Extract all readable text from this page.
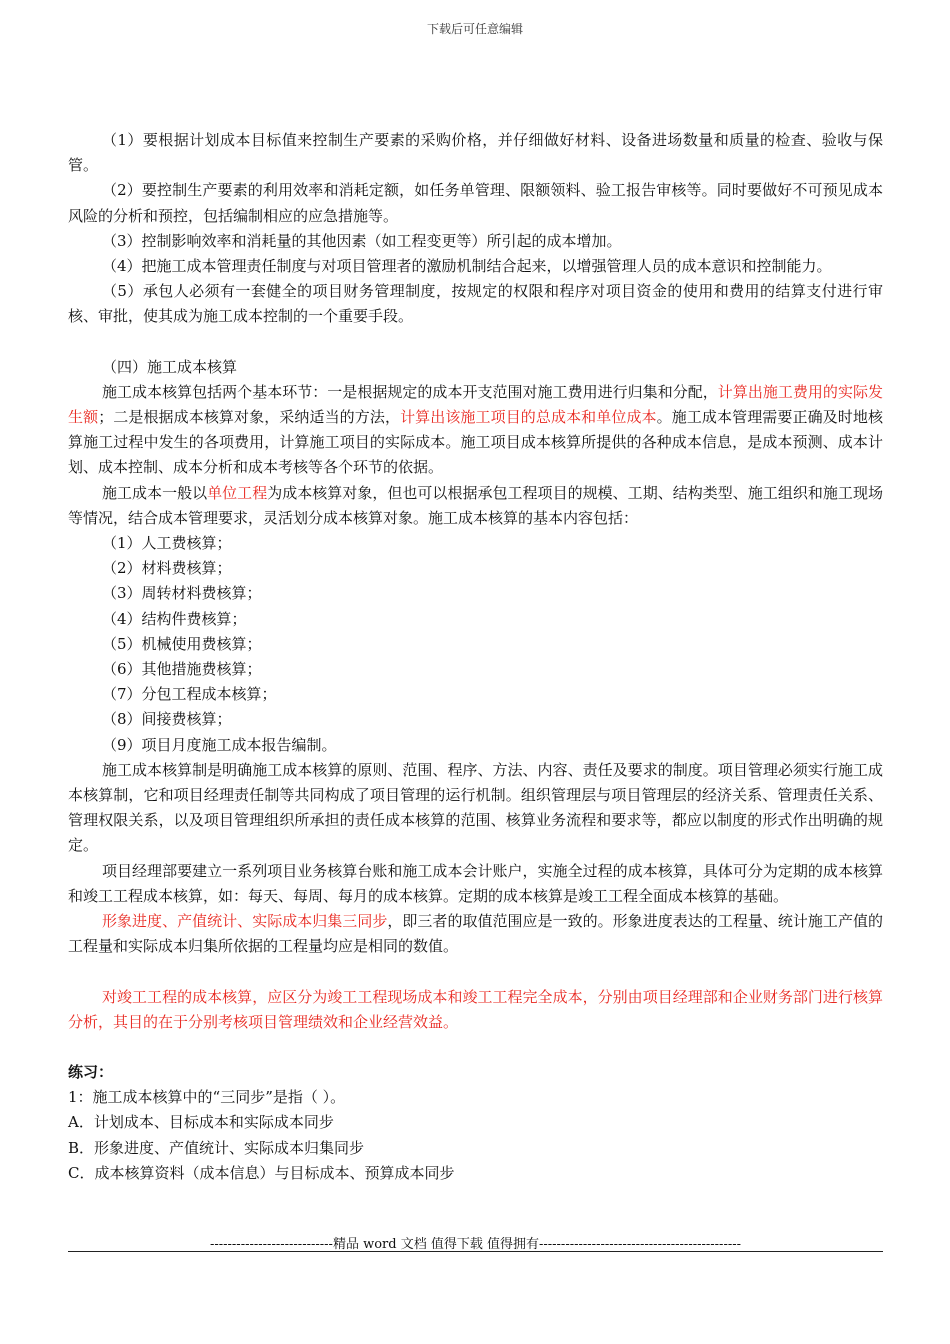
下载后可任意编辑

（1）要根据计划成本目标值来控制生产要素的采购价格，并仔细做好材料、设备进场数量和质量的检查、验收与保管。

（2）要控制生产要素的利用效率和消耗定额，如任务单管理、限额领料、验工报告审核等。同时要做好不可预见成本风险的分析和预控，包括编制相应的应急措施等。

（3）控制影响效率和消耗量的其他因素（如工程变更等）所引起的成本增加。

（4）把施工成本管理责任制度与对项目管理者的激励机制结合起来，以增强管理人员的成本意识和控制能力。

（5）承包人必须有一套健全的项目财务管理制度，按规定的权限和程序对项目资金的使用和费用的结算支付进行审核、审批，使其成为施工成本控制的一个重要手段。

（四）施工成本核算

施工成本核算包括两个基本环节：一是根据规定的成本开支范围对施工费用进行归集和分配，计算出施工费用的实际发生额；二是根据成本核算对象，采纳适当的方法，计算出该施工项目的总成本和单位成本。施工成本管理需要正确及时地核算施工过程中发生的各项费用，计算施工项目的实际成本。施工项目成本核算所提供的各种成本信息，是成本预测、成本计划、成本控制、成本分析和成本考核等各个环节的依据。

施工成本一般以单位工程为成本核算对象，但也可以根据承包工程项目的规模、工期、结构类型、施工组织和施工现场等情况，结合成本管理要求，灵活划分成本核算对象。施工成本核算的基本内容包括：

（1）人工费核算；

（2）材料费核算；

（3）周转材料费核算；

（4）结构件费核算；

（5）机械使用费核算；

（6）其他措施费核算；

（7）分包工程成本核算；

（8）间接费核算；

（9）项目月度施工成本报告编制。

施工成本核算制是明确施工成本核算的原则、范围、程序、方法、内容、责任及要求的制度。项目管理必须实行施工成本核算制，它和项目经理责任制等共同构成了项目管理的运行机制。组织管理层与项目管理层的经济关系、管理责任关系、管理权限关系，以及项目管理组织所承担的责任成本核算的范围、核算业务流程和要求等，都应以制度的形式作出明确的规定。

项目经理部要建立一系列项目业务核算台账和施工成本会计账户，实施全过程的成本核算，具体可分为定期的成本核算和竣工工程成本核算，如：每天、每周、每月的成本核算。定期的成本核算是竣工工程全面成本核算的基础。

形象进度、产值统计、实际成本归集三同步，即三者的取值范围应是一致的。形象进度表达的工程量、统计施工产值的工程量和实际成本归集所依据的工程量均应是相同的数值。

对竣工工程的成本核算，应区分为竣工工程现场成本和竣工工程完全成本，分别由项目经理部和企业财务部门进行核算分析，其目的在于分别考核项目管理绩效和企业经营效益。

练习：

1：施工成本核算中的“三同步”是指（ ）。

A．计划成本、目标成本和实际成本同步

B．形象进度、产值统计、实际成本归集同步

C．成本核算资料（成本信息）与目标成本、预算成本同步

----------------------------精品 word 文档 值得下载 值得拥有----------------------------------------------
